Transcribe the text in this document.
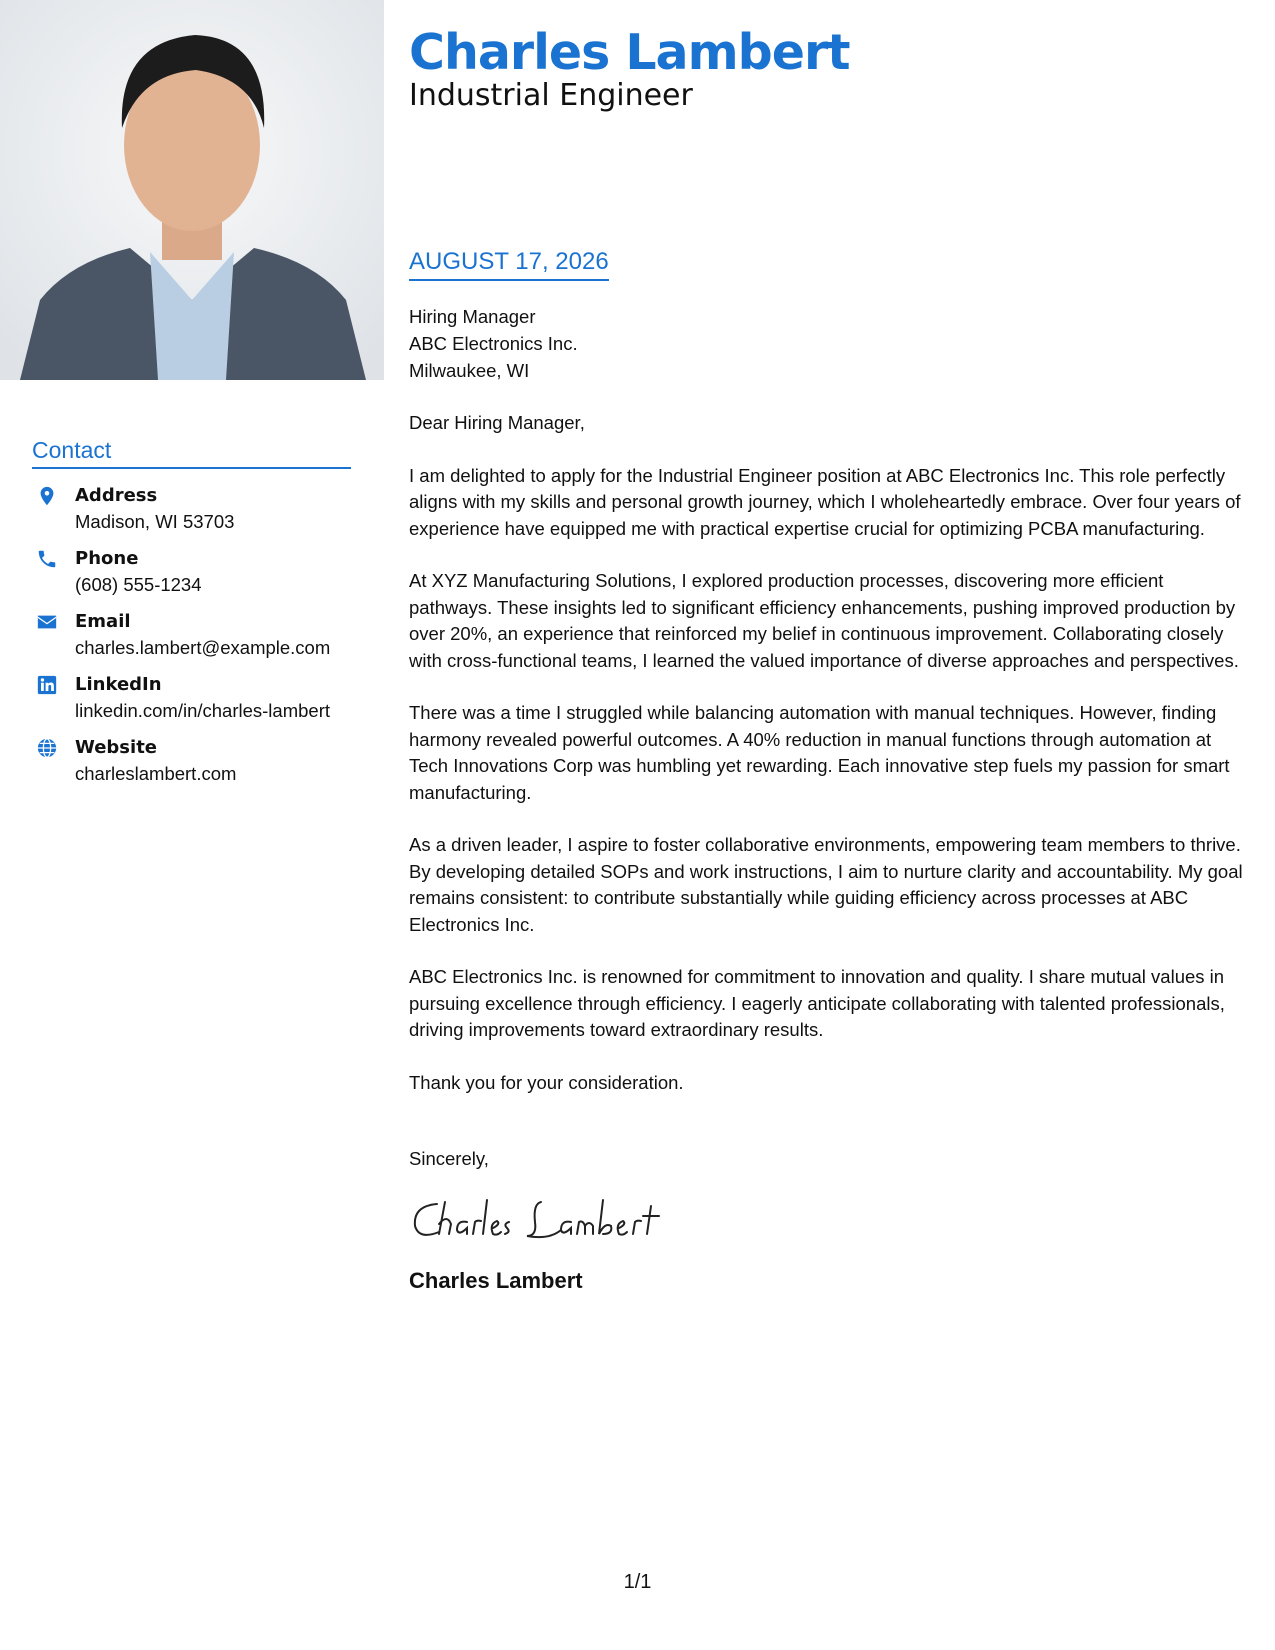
Charles Lambert
Industrial Engineer
Contact
Address
Madison, WI 53703
Phone
(608) 555-1234
Email
charles.lambert@example.com
LinkedIn
linkedin.com/in/charles-lambert
Website
charleslambert.com
AUGUST 17, 2026
Hiring Manager
ABC Electronics Inc.
Milwaukee, WI

Dear Hiring Manager,

I am delighted to apply for the Industrial Engineer position at ABC Electronics Inc. This role perfectly aligns with my skills and personal growth journey, which I wholeheartedly embrace. Over four years of experience have equipped me with practical expertise crucial for optimizing PCBA manufacturing.

At XYZ Manufacturing Solutions, I explored production processes, discovering more efficient pathways. These insights led to significant efficiency enhancements, pushing improved production by over 20%, an experience that reinforced my belief in continuous improvement. Collaborating closely with cross-functional teams, I learned the valued importance of diverse approaches and perspectives.

There was a time I struggled while balancing automation with manual techniques. However, finding harmony revealed powerful outcomes. A 40% reduction in manual functions through automation at Tech Innovations Corp was humbling yet rewarding. Each innovative step fuels my passion for smart manufacturing.

As a driven leader, I aspire to foster collaborative environments, empowering team members to thrive. By developing detailed SOPs and work instructions, I aim to nurture clarity and accountability. My goal remains consistent: to contribute substantially while guiding efficiency across processes at ABC Electronics Inc.

ABC Electronics Inc. is renowned for commitment to innovation and quality. I share mutual values in pursuing excellence through efficiency. I eagerly anticipate collaborating with talented professionals, driving improvements toward extraordinary results.

Thank you for your consideration.

Sincerely,
Charles Lambert
1/1
